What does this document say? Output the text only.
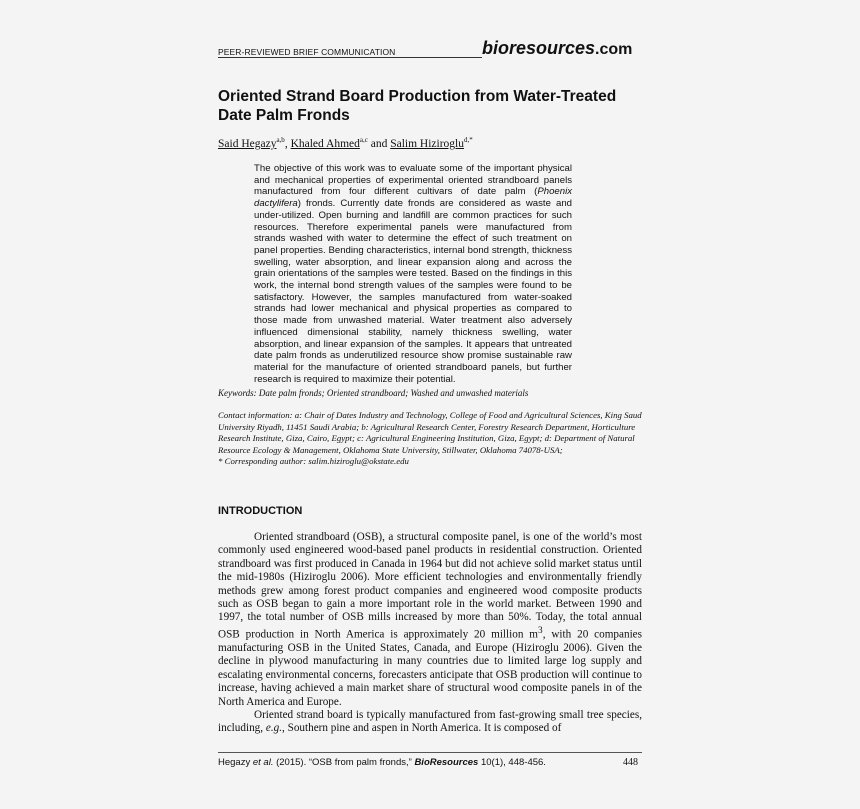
PEER-REVIEWED BRIEF COMMUNICATION	bioresources.com
Oriented Strand Board Production from Water-Treated Date Palm Fronds
Said Hegazy$^{a,b}$, Khaled Ahmed$^{a,c}$ and Salim Hiziroglu$^{d,*}$

The objective of this work was to evaluate some of the important physical and mechanical properties of experimental oriented strandboard panels manufactured from four different cultivars of date palm (Phoenix dactylifera) fronds. Currently date fronds are considered as waste and under-utilized. Open burning and landfill are common practices for such resources. Therefore experimental panels were manufactured from strands washed with water to determine the effect of such treatment on panel properties. Bending characteristics, internal bond strength, thickness swelling, water absorption, and linear expansion along and across the grain orientations of the samples were tested. Based on the findings in this work, the internal bond strength values of the samples were found to be satisfactory. However, the samples manufactured from water-soaked strands had lower mechanical and physical properties as compared to those made from unwashed material. Water treatment also adversely influenced dimensional stability, namely thickness swelling, water absorption, and linear expansion of the samples. It appears that untreated date palm fronds as underutilized resource show promise sustainable raw material for the manufacture of oriented strandboard panels, but further research is required to maximize their potential.

Keywords: Date palm fronds; Oriented strandboard; Washed and unwashed materials

Contact information: a: Chair of Dates Industry and Technology, College of Food and Agricultural Sciences, King Saud University Riyadh, 11451 Saudi Arabia; b: Agricultural Research Center, Forestry Research Department, Horticulture Research Institute, Giza, Cairo, Egypt; c: Agricultural Engineering Institution, Giza, Egypt; d: Department of Natural Resource Ecology & Management, Oklahoma State University, Stillwater, Oklahoma 74078-USA;
* Corresponding author: salim.hiziroglu@okstate.edu

INTRODUCTION

Oriented strandboard (OSB), a structural composite panel, is one of the world’s most commonly used engineered wood-based panel products in residential construction. Oriented strandboard was first produced in Canada in 1964 but did not achieve solid market status until the mid-1980s (Hiziroglu 2006). More efficient technologies and environmentally friendly methods grew among forest product companies and engineered wood composite products such as OSB began to gain a more important role in the world market. Between 1990 and 1997, the total number of OSB mills increased by more than 50%. Today, the total annual OSB production in North America is approximately 20 million $m^3$, with 20 companies manufacturing OSB in the United States, Canada, and Europe (Hiziroglu 2006). Given the decline in plywood manufacturing in many countries due to limited large log supply and escalating environmental concerns, forecasters anticipate that OSB production will continue to increase, having achieved a main market share of structural wood composite panels in of the North America and Europe.

Oriented strand board is typically manufactured from fast-growing small tree species, including, e.g., Southern pine and aspen in North America. It is composed of

Hegazy et al. (2015). “OSB from palm fronds,” BioResources 10(1), 448-456.	448
